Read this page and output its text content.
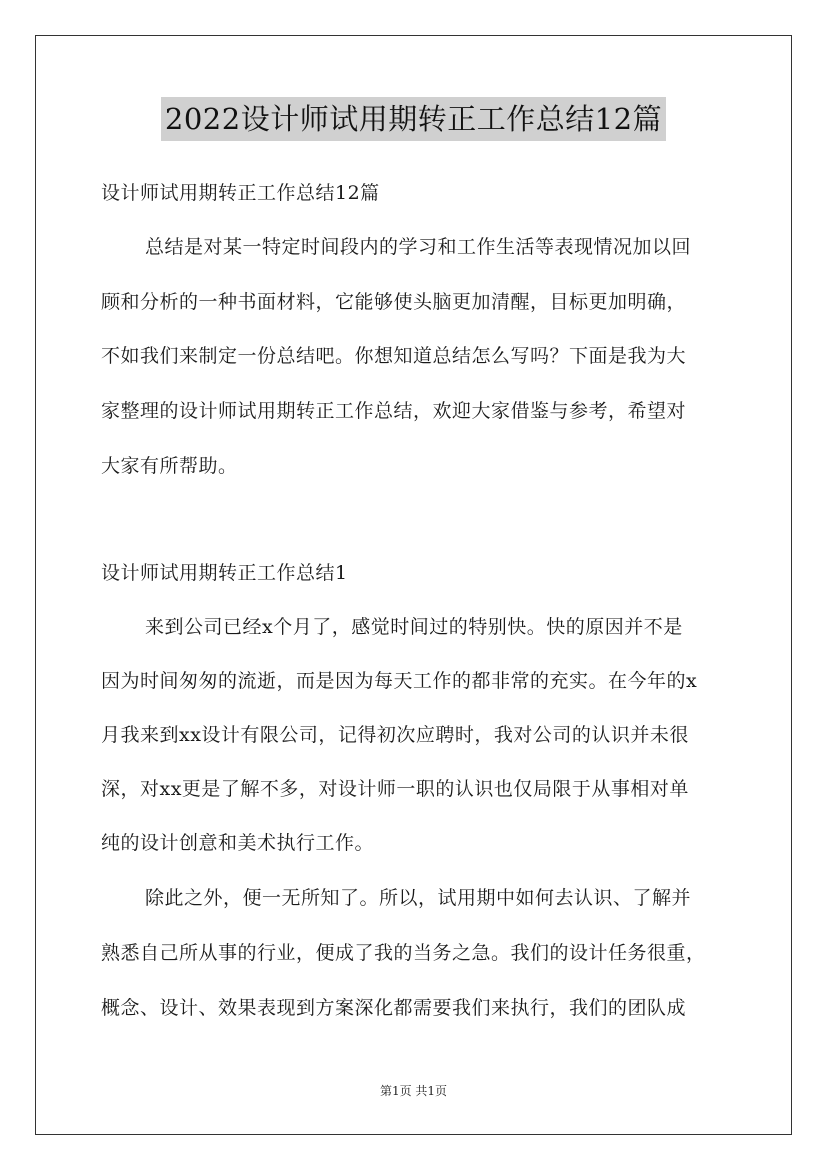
2022设计师试用期转正工作总结12篇
设计师试用期转正工作总结12篇
总结是对某一特定时间段内的学习和工作生活等表现情况加以回
顾和分析的一种书面材料，它能够使头脑更加清醒，目标更加明确，
不如我们来制定一份总结吧。你想知道总结怎么写吗？下面是我为大
家整理的设计师试用期转正工作总结，欢迎大家借鉴与参考，希望对
大家有所帮助。
设计师试用期转正工作总结1
来到公司已经x个月了，感觉时间过的特别快。快的原因并不是
因为时间匆匆的流逝，而是因为每天工作的都非常的充实。在今年的x
月我来到xx设计有限公司，记得初次应聘时，我对公司的认识并未很
深，对xx更是了解不多，对设计师一职的认识也仅局限于从事相对单
纯的设计创意和美术执行工作。
除此之外，便一无所知了。所以，试用期中如何去认识、了解并
熟悉自己所从事的行业，便成了我的当务之急。我们的设计任务很重，
概念、设计、效果表现到方案深化都需要我们来执行，我们的团队成
第1页 共1页
